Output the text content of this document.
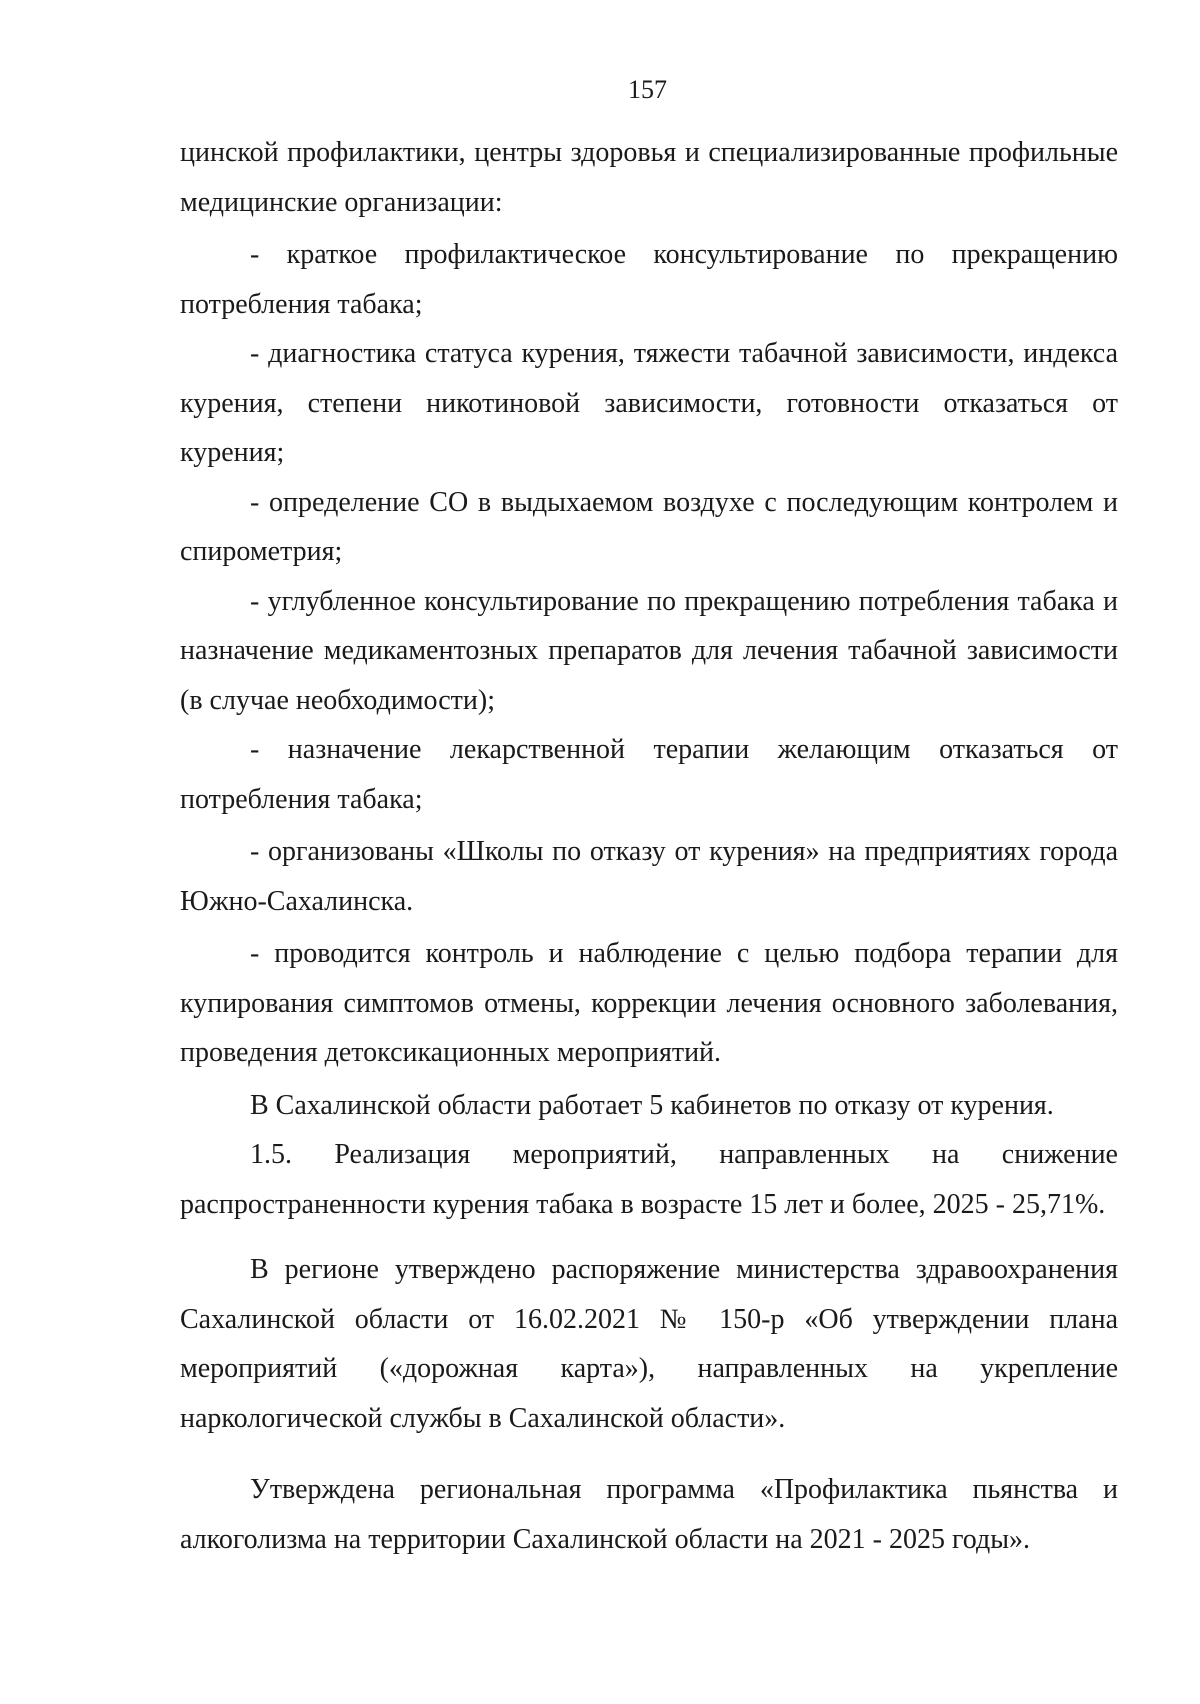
157

цинской профилактики, центры здоровья и специализированные профильные медицинские организации:

- краткое профилактическое консультирование по прекращению потребления табака;

- диагностика статуса курения, тяжести табачной зависимости, индекса курения, степени никотиновой зависимости, готовности отказаться от курения;

- определение СО в выдыхаемом воздухе с последующим контролем и спирометрия;

- углубленное консультирование по прекращению потребления табака и назначение медикаментозных препаратов для лечения табачной зависимости (в случае необходимости);

- назначение лекарственной терапии желающим отказаться от потребления табака;

- организованы «Школы по отказу от курения» на предприятиях города Южно-Сахалинска.

- проводится контроль и наблюдение с целью подбора терапии для купирования симптомов отмены, коррекции лечения основного заболевания, проведения детоксикационных мероприятий.

В Сахалинской области работает 5 кабинетов по отказу от курения.

1.5. Реализация мероприятий, направленных на снижение распространенности курения табака в возрасте 15 лет и более, 2025 - 25,71%.

В регионе утверждено распоряжение министерства здравоохранения Сахалинской области от 16.02.2021 № 150-р «Об утверждении плана мероприятий («дорожная карта»), направленных на укрепление наркологической службы в Сахалинской области».

Утверждена региональная программа «Профилактика пьянства и алкоголизма на территории Сахалинской области на 2021 - 2025 годы».
